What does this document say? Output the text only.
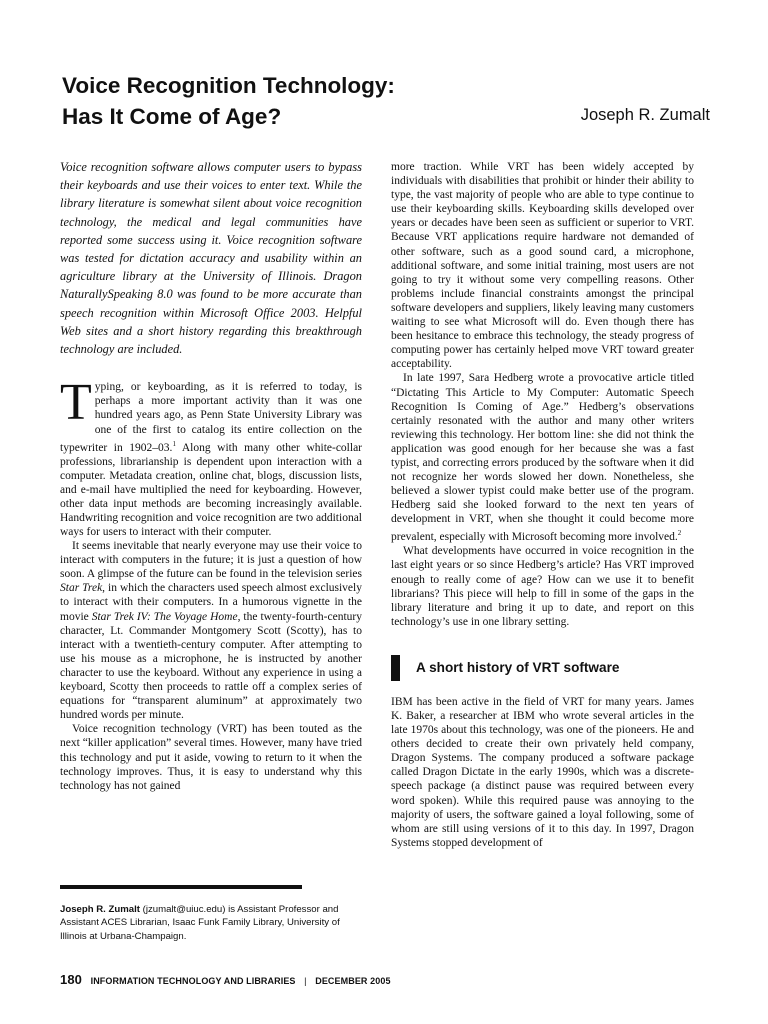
Voice Recognition Technology:
Has It Come of Age?	Joseph R. Zumalt

Voice recognition software allows computer users to bypass their keyboards and use their voices to enter text. While the library literature is somewhat silent about voice recognition technology, the medical and legal communities have reported some success using it. Voice recognition software was tested for dictation accuracy and usability within an agriculture library at the University of Illinois. Dragon NaturallySpeaking 8.0 was found to be more accurate than speech recognition within Microsoft Office 2003. Helpful Web sites and a short history regarding this breakthrough technology are included.

Typing, or keyboarding, as it is referred to today, is perhaps a more important activity than it was one hundred years ago, as Penn State University Library was one of the first to catalog its entire collection on the typewriter in 1902–03.$^1$ Along with many other white-collar professions, librarianship is dependent upon interaction with a computer. Metadata creation, online chat, blogs, discussion lists, and e-mail have multiplied the need for keyboarding. However, other data input methods are becoming increasingly available. Handwriting recognition and voice recognition are two additional ways for users to interact with their computer.

It seems inevitable that nearly everyone may use their voice to interact with computers in the future; it is just a question of how soon. A glimpse of the future can be found in the television series Star Trek, in which the characters used speech almost exclusively to interact with their computers. In a humorous vignette in the movie Star Trek IV: The Voyage Home, the twenty-fourth-century character, Lt. Commander Montgomery Scott (Scotty), has to interact with a twentieth-century computer. After attempting to use his mouse as a microphone, he is instructed by another character to use the keyboard. Without any experience in using a keyboard, Scotty then proceeds to rattle off a complex series of equations for “transparent aluminum” at approximately two hundred words per minute.

Voice recognition technology (VRT) has been touted as the next “killer application” several times. However, many have tried this technology and put it aside, vowing to return to it when the technology improves. Thus, it is easy to understand why this technology has not gained

more traction. While VRT has been widely accepted by individuals with disabilities that prohibit or hinder their ability to type, the vast majority of people who are able to type continue to use their keyboarding skills. Keyboarding skills developed over years or decades have been seen as sufficient or superior to VRT. Because VRT applications require hardware not demanded of other software, such as a good sound card, a microphone, additional software, and some initial training, most users are not going to try it without some very compelling reasons. Other problems include financial constraints amongst the principal software developers and suppliers, likely leaving many customers waiting to see what Microsoft will do. Even though there has been hesitance to embrace this technology, the steady progress of computing power has certainly helped move VRT toward greater acceptability.

In late 1997, Sara Hedberg wrote a provocative article titled “Dictating This Article to My Computer: Automatic Speech Recognition Is Coming of Age.” Hedberg’s observations certainly resonated with the author and many other writers reviewing this technology. Her bottom line: she did not think the application was good enough for her because she was a fast typist, and correcting errors produced by the software when it did not recognize her words slowed her down. Nonetheless, she believed a slower typist could make better use of the program. Hedberg said she looked forward to the next ten years of development in VRT, when she thought it could become more prevalent, especially with Microsoft becoming more involved.$^2$

What developments have occurred in voice recognition in the last eight years or so since Hedberg’s article? Has VRT improved enough to really come of age? How can we use it to benefit librarians? This piece will help to fill in some of the gaps in the library literature and bring it up to date, and report on this technology’s use in one library setting.

A short history of VRT software

IBM has been active in the field of VRT for many years. James K. Baker, a researcher at IBM who wrote several articles in the late 1970s about this technology, was one of the pioneers. He and others decided to create their own privately held company, Dragon Systems. The company produced a software package called Dragon Dictate in the early 1990s, which was a discrete-speech package (a distinct pause was required between every word spoken). While this required pause was annoying to the majority of users, the software gained a loyal following, some of whom are still using versions of it to this day. In 1997, Dragon Systems stopped development of

Joseph R. Zumalt (jzumalt@uiuc.edu) is Assistant Professor and Assistant ACES Librarian, Isaac Funk Family Library, University of Illinois at Urbana-Champaign.
180 INFORMATION TECHNOLOGY AND LIBRARIES | DECEMBER 2005
